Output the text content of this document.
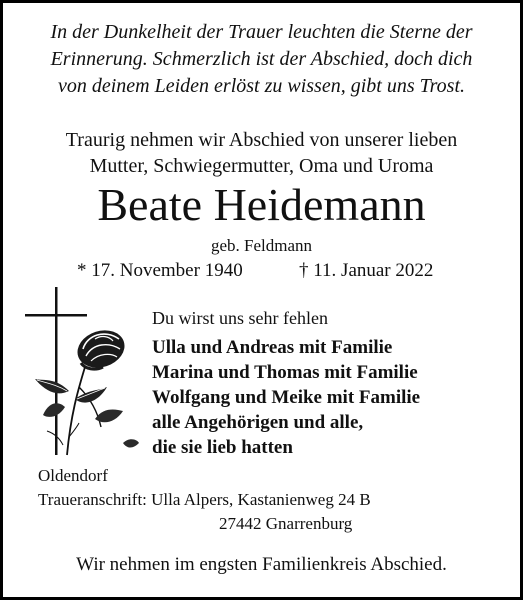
In der Dunkelheit der Trauer leuchten die Sterne der
Erinnerung. Schmerzlich ist der Abschied, doch dich
von deinem Leiden erlöst zu wissen, gibt uns Trost.
Traurig nehmen wir Abschied von unserer lieben
Mutter, Schwiegermutter, Oma und Uroma
Beate Heidemann
geb. Feldmann
* 17. November 1940	† 11. Januar 2022
Du wirst uns sehr fehlen
Ulla und Andreas mit Familie
Marina und Thomas mit Familie
Wolfgang und Meike mit Familie
alle Angehörigen und alle,
die sie lieb hatten
Oldendorf
Traueranschrift: Ulla Alpers, Kastanienweg 24 B
27442 Gnarrenburg
Wir nehmen im engsten Familienkreis Abschied.
